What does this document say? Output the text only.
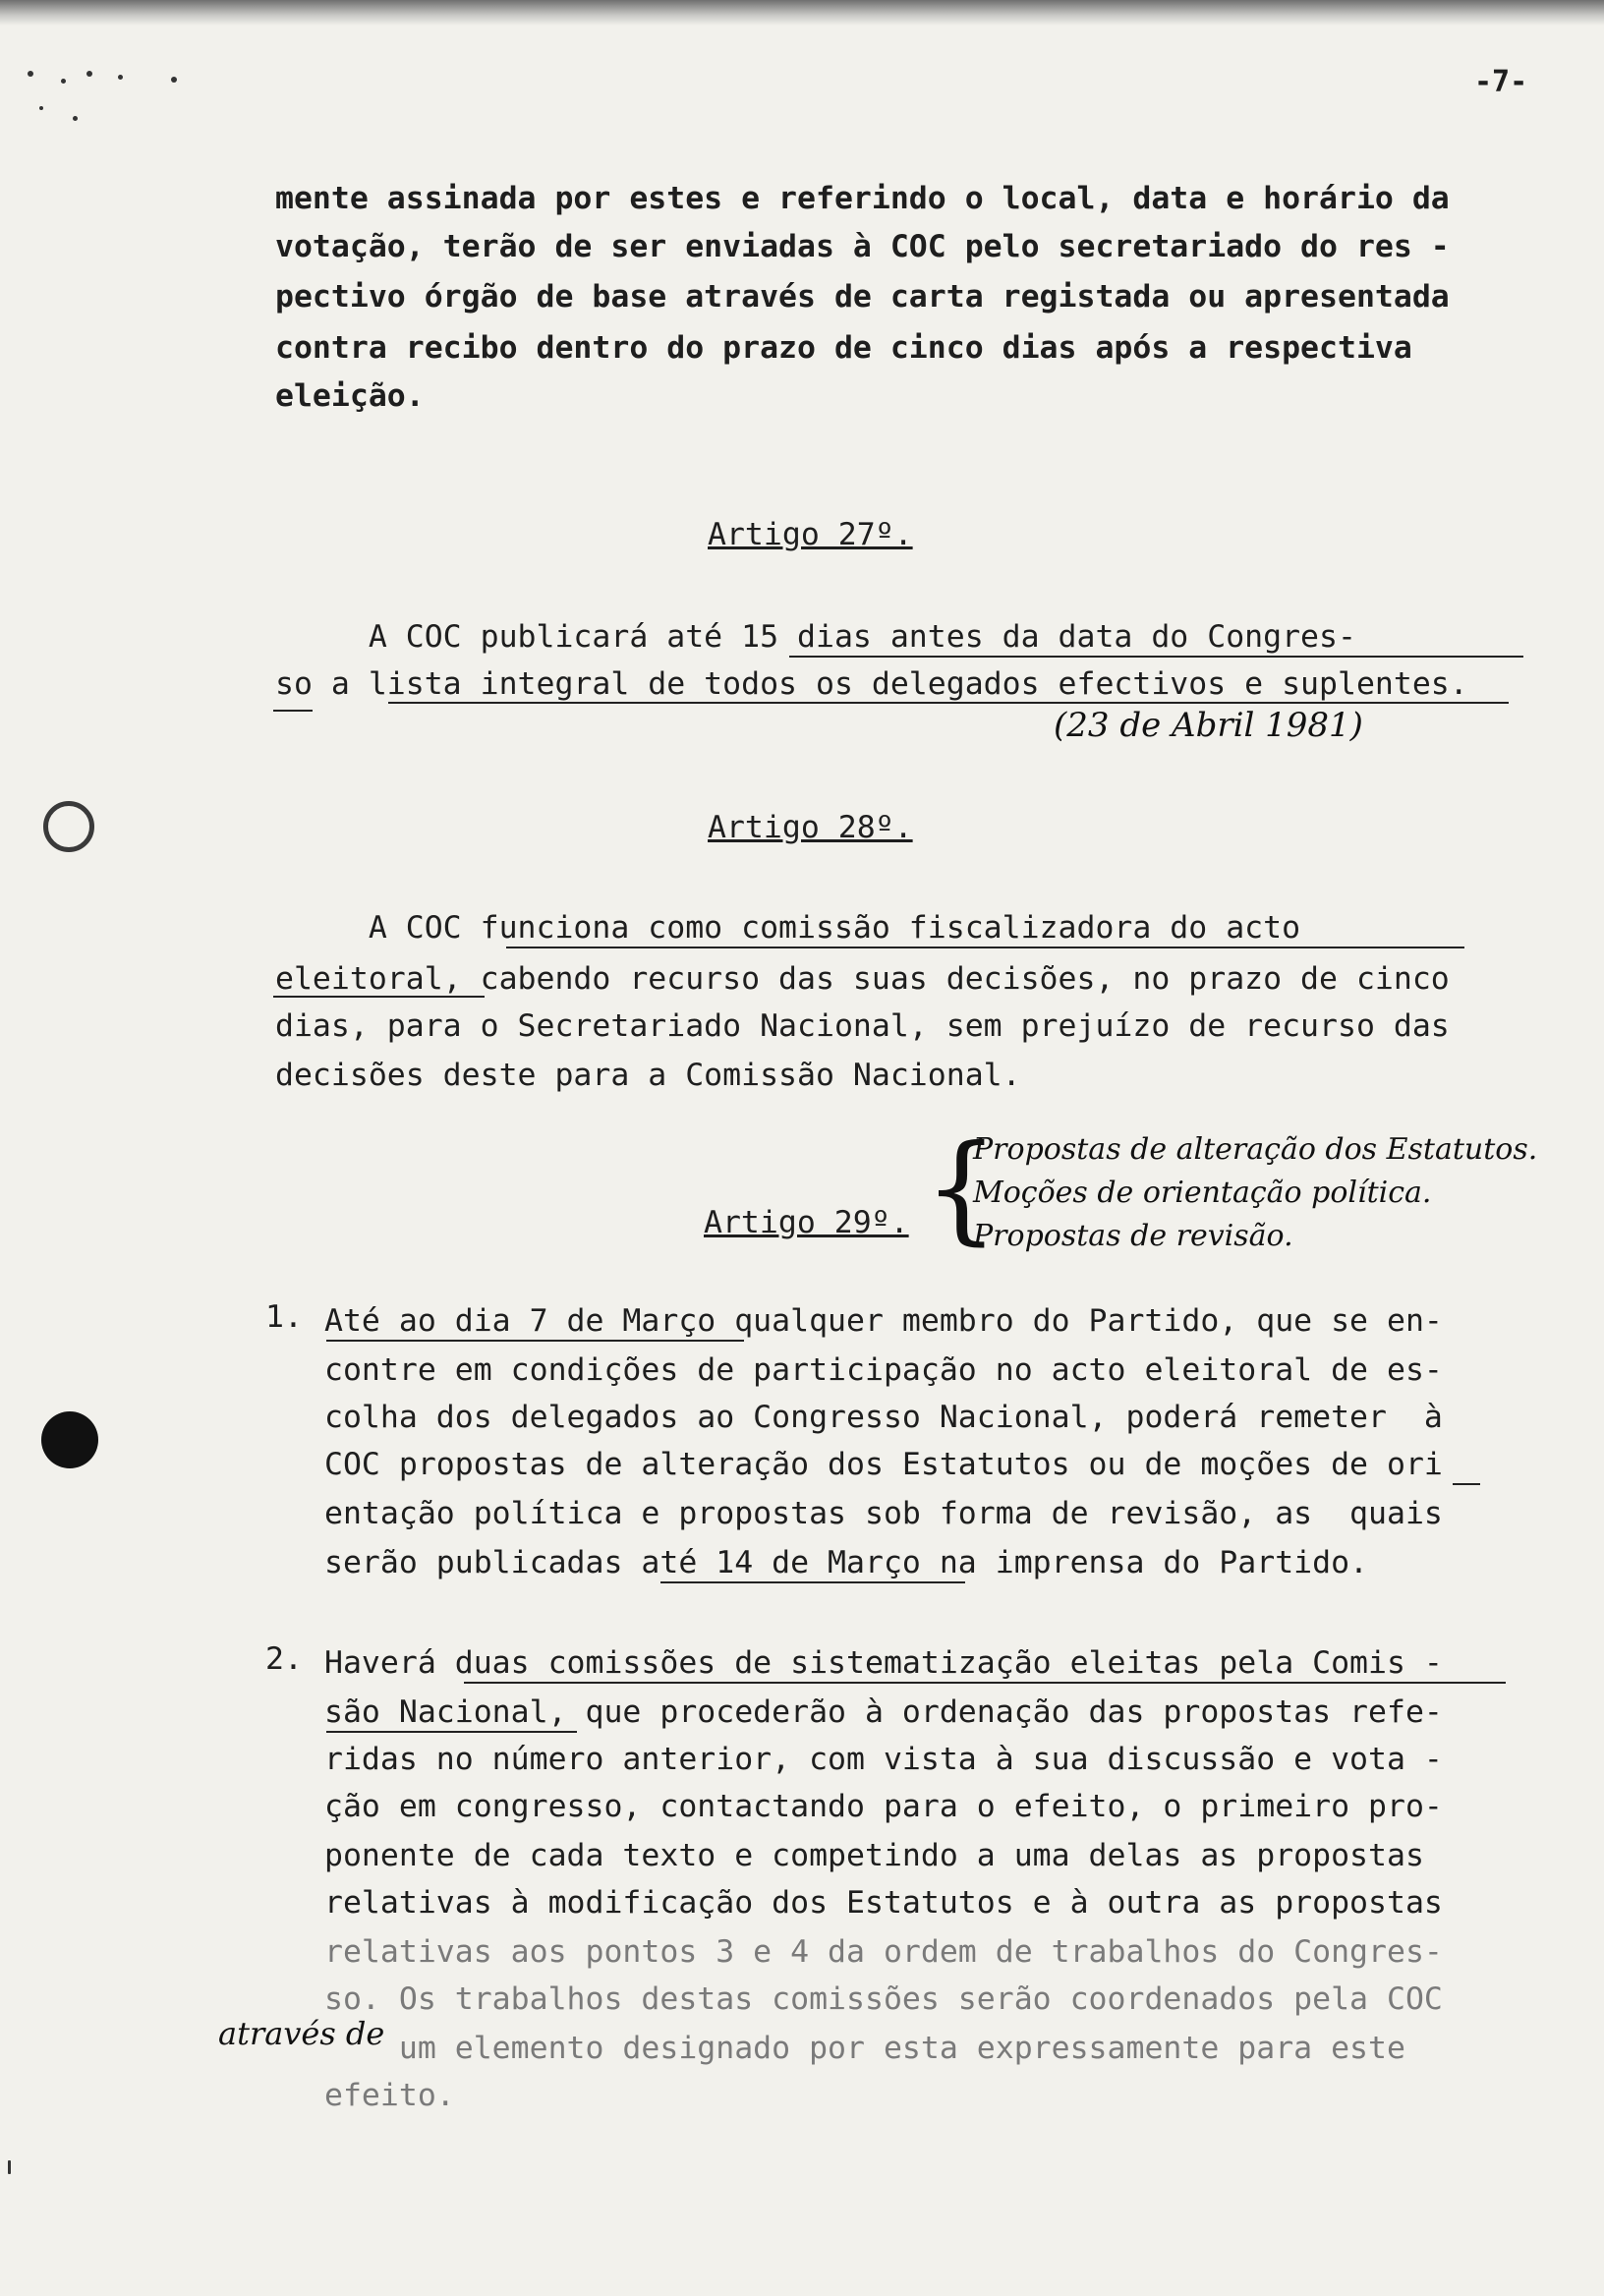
-7-
mente assinada por estes e referindo o local, data e horário da
votação, terão de ser enviadas à COC pelo secretariado do res -
pectivo órgão de base através de carta registada ou apresentada
contra recibo dentro do prazo de cinco dias após a respectiva
eleição.
Artigo 27º.
A COC publicará até 15 dias antes da data do Congres-
so a lista integral de todos os delegados efectivos e suplentes.
(23 de Abril 1981)
Artigo 28º.
A COC funciona como comissão fiscalizadora do acto
eleitoral, cabendo recurso das suas decisões, no prazo de cinco
dias, para o Secretariado Nacional, sem prejuízo de recurso das
decisões deste para a Comissão Nacional.
Artigo 29º. {
Propostas de alteração dos Estatutos.
Moções de orientação política.
Propostas de revisão.
1. Até ao dia 7 de Março qualquer membro do Partido, que se en-
contre em condições de participação no acto eleitoral de es-
colha dos delegados ao Congresso Nacional, poderá remeter  à
COC propostas de alteração dos Estatutos ou de moções de ori
entação política e propostas sob forma de revisão, as  quais
serão publicadas até 14 de Março na imprensa do Partido.
2. Haverá duas comissões de sistematização eleitas pela Comis -
são Nacional, que procederão à ordenação das propostas refe-
ridas no número anterior, com vista à sua discussão e vota -
ção em congresso, contactando para o efeito, o primeiro pro-
ponente de cada texto e competindo a uma delas as propostas
relativas à modificação dos Estatutos e à outra as propostas
relativas aos pontos 3 e 4 da ordem de trabalhos do Congres-
so. Os trabalhos destas comissões serão coordenados pela COC
um elemento designado por esta expressamente para este
efeito.
através de
